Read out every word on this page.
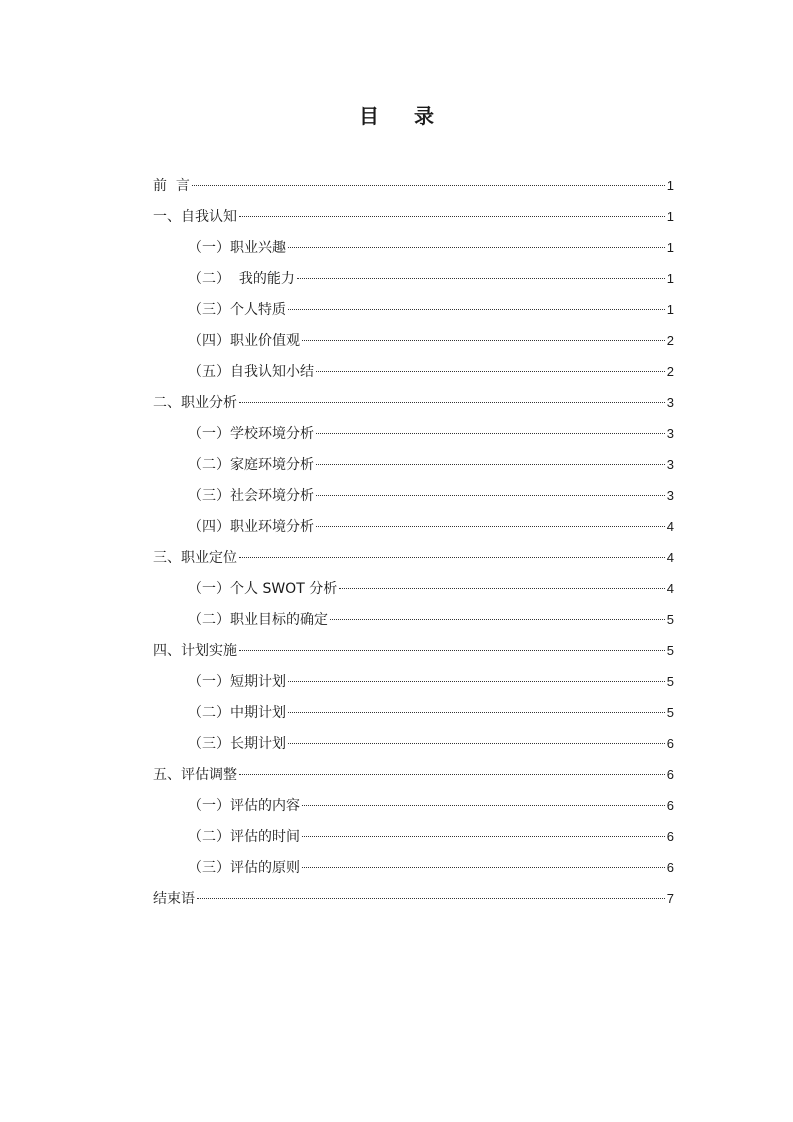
目 录
前  言	1
一、自我认知	1
（一）职业兴趣	1
（二）  我的能力	1
（三）个人特质	1
（四）职业价值观	2
（五）自我认知小结	2
二、职业分析	3
（一）学校环境分析	3
（二）家庭环境分析	3
（三）社会环境分析	3
（四）职业环境分析	4
三、职业定位	4
（一）个人 SWOT 分析	4
（二）职业目标的确定	5
四、计划实施	5
（一）短期计划	5
（二）中期计划	5
（三）长期计划	6
五、评估调整	6
（一）评估的内容	6
（二）评估的时间	6
（三）评估的原则	6
结束语	7
